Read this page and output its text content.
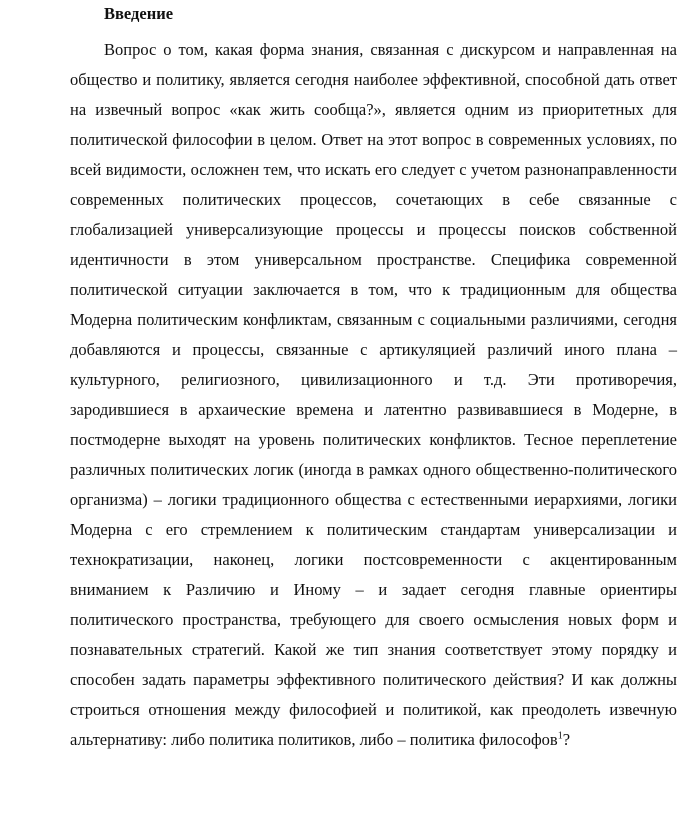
Введение

Вопрос о том, какая форма знания, связанная с дискурсом и направленная на общество и политику, является сегодня наиболее эффективной, способной дать ответ на извечный вопрос «как жить сообща?», является одним из приоритетных для политической философии в целом. Ответ на этот вопрос в современных условиях, по всей видимости, осложнен тем, что искать его следует с учетом разнонаправленности современных политических процессов, сочетающих в себе связанные с глобализацией универсализующие процессы и процессы поисков собственной идентичности в этом универсальном пространстве. Специфика современной политической ситуации заключается в том, что к традиционным для общества Модерна политическим конфликтам, связанным с социальными различиями, сегодня добавляются и процессы, связанные с артикуляцией различий иного плана – культурного, религиозного, цивилизационного и т.д. Эти противоречия, зародившиеся в архаические времена и латентно развивавшиеся в Модерне, в постмодерне выходят на уровень политических конфликтов. Тесное переплетение различных политических логик (иногда в рамках одного общественно-политического организма) – логики традиционного общества с естественными иерархиями, логики Модерна с его стремлением к политическим стандартам универсализации и технократизации, наконец, логики постсовременности с акцентированным вниманием к Различию и Иному – и задает сегодня главные ориентиры политического пространства, требующего для своего осмысления новых форм и познавательных стратегий. Какой же тип знания соответствует этому порядку и способен задать параметры эффективного политического действия? И как должны строиться отношения между философией и политикой, как преодолеть извечную альтернативу: либо политика политиков, либо – политика философов$^1$?
